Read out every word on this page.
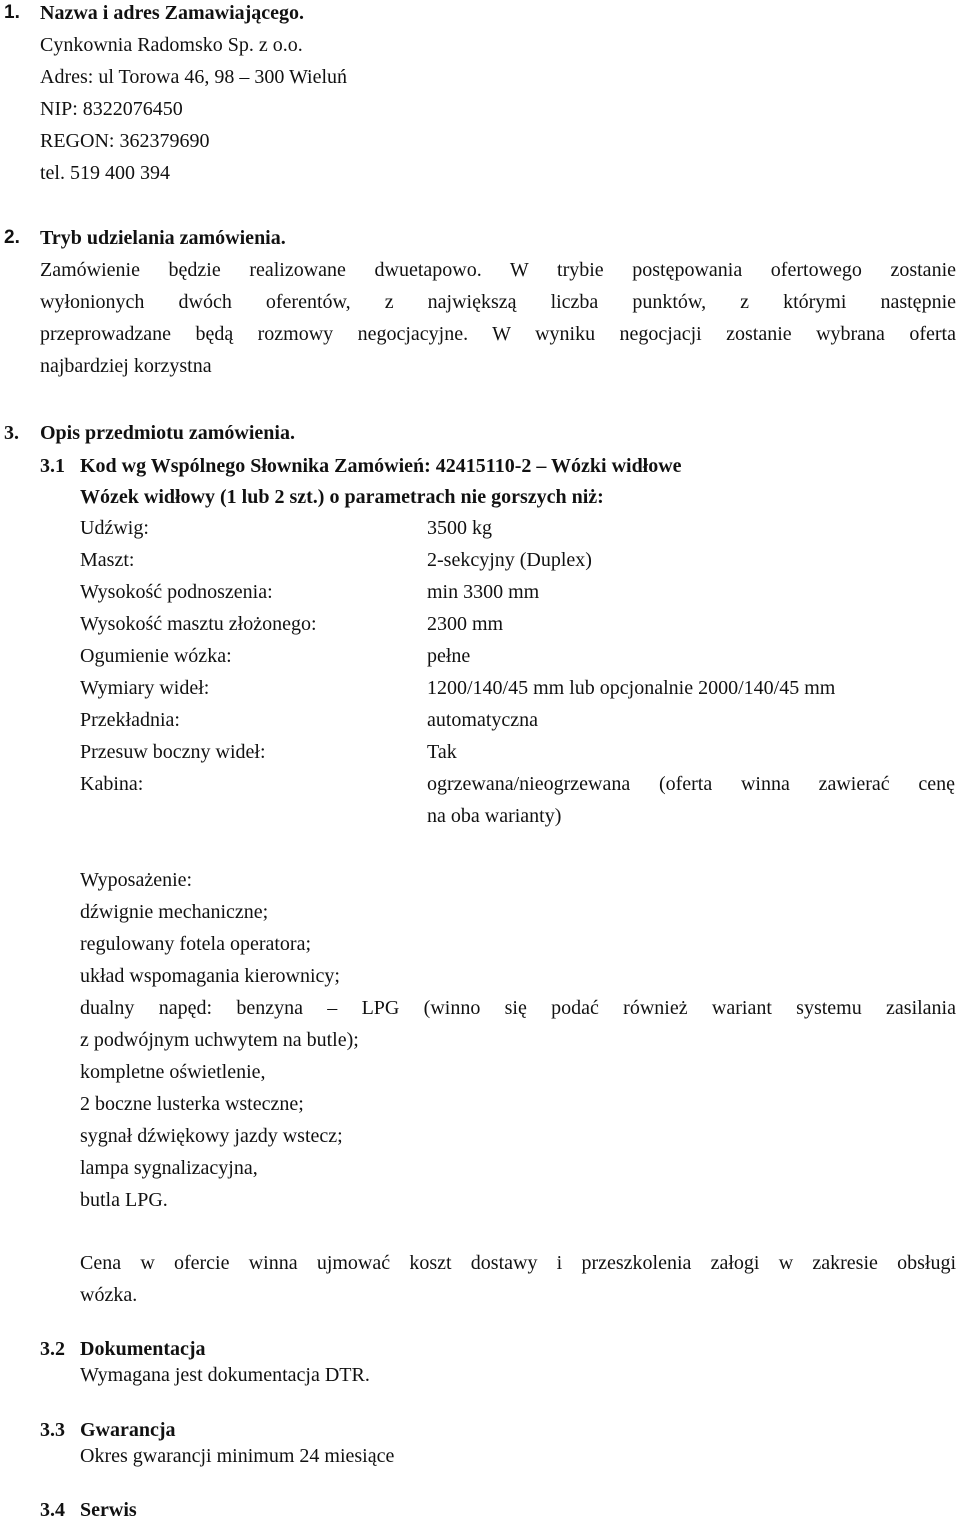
1. Nazwa i adres Zamawiającego.
Cynkownia Radomsko Sp. z o.o.
Adres: ul Torowa 46, 98 – 300 Wieluń
NIP: 8322076450
REGON: 362379690
tel. 519 400 394
2. Tryb udzielania zamówienia.
Zamówienie będzie realizowane dwuetapowo. W trybie postępowania ofertowego zostanie
wyłonionych dwóch oferentów, z największą liczba punktów, z którymi następnie
przeprowadzane będą rozmowy negocjacyjne. W wyniku negocjacji zostanie wybrana oferta
najbardziej korzystna
3. Opis przedmiotu zamówienia.
3.1 Kod wg Wspólnego Słownika Zamówień: 42415110-2 – Wózki widłowe
Wózek widłowy (1 lub 2 szt.) o parametrach nie gorszych niż:
Udźwig:	3500 kg
Maszt:	2-sekcyjny (Duplex)
Wysokość podnoszenia:	min 3300 mm
Wysokość masztu złożonego:	2300 mm
Ogumienie wózka:	pełne
Wymiary wideł:	1200/140/45 mm lub opcjonalnie 2000/140/45 mm
Przekładnia:	automatyczna
Przesuw boczny wideł:	Tak
Kabina:	ogrzewana/nieogrzewana (oferta winna zawierać cenę
na oba warianty)
Wyposażenie:
dźwignie mechaniczne;
regulowany fotela operatora;
układ wspomagania kierownicy;
dualny napęd: benzyna – LPG (winno się podać również wariant systemu zasilania
z podwójnym uchwytem na butle);
kompletne oświetlenie,
2 boczne lusterka wsteczne;
sygnał dźwiękowy jazdy wstecz;
lampa sygnalizacyjna,
butla LPG.
Cena w ofercie winna ujmować koszt dostawy i przeszkolenia załogi w zakresie obsługi
wózka.
3.2 Dokumentacja
Wymagana jest dokumentacja DTR.
3.3 Gwarancja
Okres gwarancji minimum 24 miesiące
3.4 Serwis
